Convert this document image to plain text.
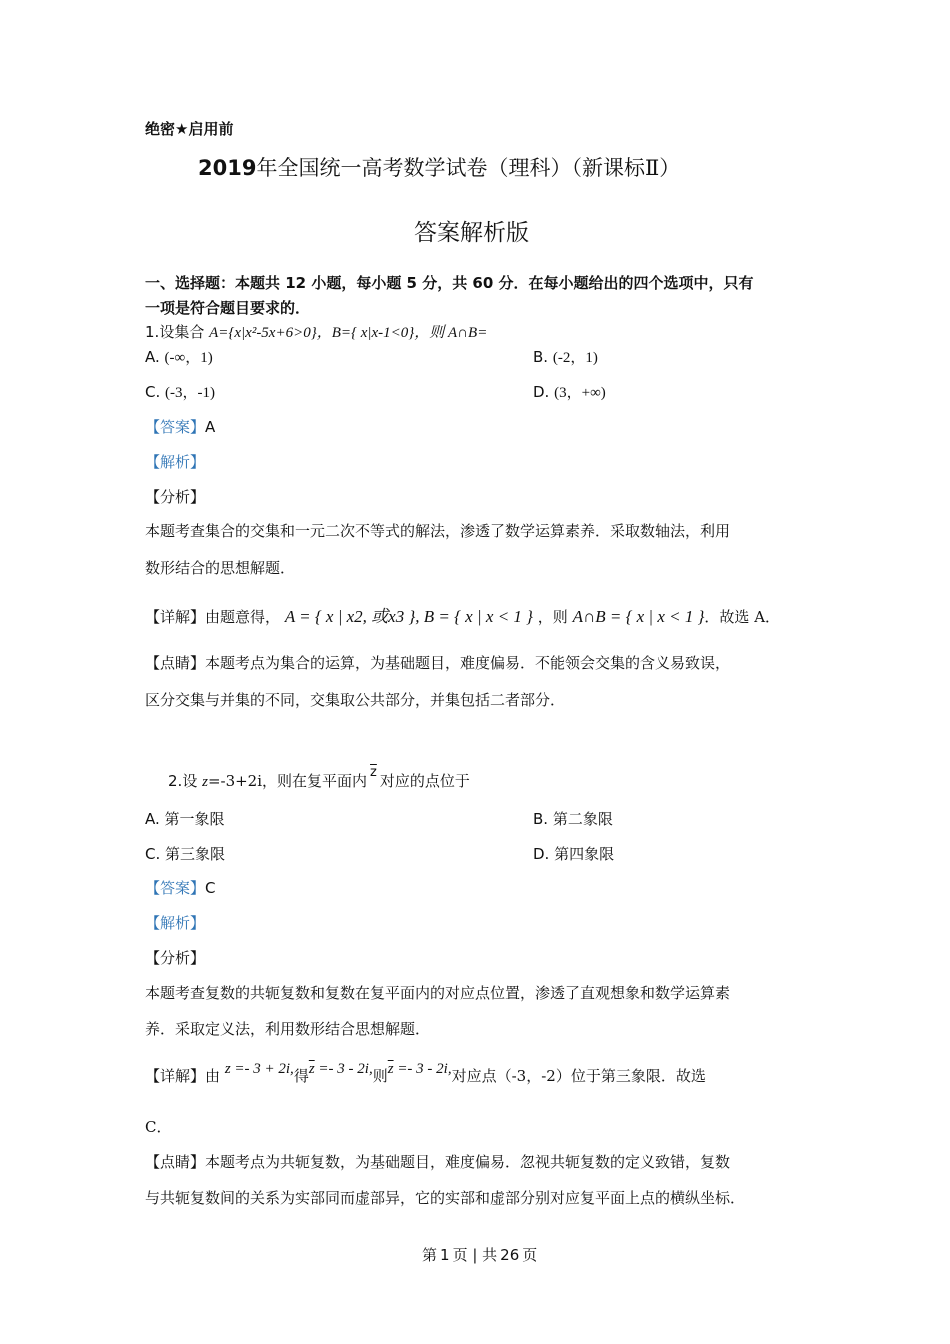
绝密★启用前
2019年全国统一高考数学试卷（理科）（新课标Ⅱ）
答案解析版
一、选择题：本题共 12 小题，每小题 5 分，共 60 分．在每小题给出的四个选项中，只有
一项是符合题目要求的．
1.设集合 A={x|x²-5x+6>0}，B={ x|x-1<0}，则 A∩B=
A. (-∞，1)	B. (-2，1)
C. (-3，-1)	D. (3，+∞)
【答案】A
【解析】
【分析】
本题考查集合的交集和一元二次不等式的解法，渗透了数学运算素养．采取数轴法，利用
数形结合的思想解题．
【详解】由题意得， A = { x | x2, 或x3 }, B = { x | x < 1 } ，则 A∩B = { x | x < 1 }．故选 A．
【点睛】本题考点为集合的运算，为基础题目，难度偏易．不能领会交集的含义易致误，
区分交集与并集的不同，交集取公共部分，并集包括二者部分．
2.设 z=-3+2i，则在复平面内 $\overline{z}$ 对应的点位于
A. 第一象限	B. 第二象限
C. 第三象限	D. 第四象限
【答案】C
【解析】
【分析】
本题考查复数的共轭复数和复数在复平面内的对应点位置，渗透了直观想象和数学运算素
养．采取定义法，利用数形结合思想解题．
【详解】由 z =- 3 + 2i,得$\overline{z} =- 3 - 2i$,则$\overline{z} =- 3 - 2i$,对应点（-3，-2）位于第三象限．故选
C．
【点睛】本题考点为共轭复数，为基础题目，难度偏易．忽视共轭复数的定义致错，复数
与共轭复数间的关系为实部同而虚部异，它的实部和虚部分别对应复平面上点的横纵坐标．
第 1 页 | 共 26 页
